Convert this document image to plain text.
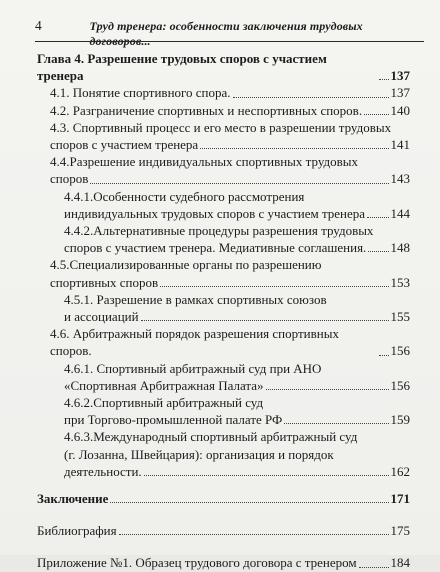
4	Труд тренера: особенности заключения трудовых договоров...
Глава 4. Разрешение трудовых споров с участием тренера	137
4.1. Понятие спортивного спора.	137
4.2. Разграничение спортивных и неспортивных споров. 140
4.3. Спортивный процесс и его место в разрешении трудовых
споров с участием тренера	141
4.4.Разрешение индивидуальных спортивных трудовых
споров	143
4.4.1.Особенности судебного рассмотрения
индивидуальных трудовых споров с участием тренера 144
4.4.2.Альтернативные процедуры разрешения трудовых
споров с участием тренера. Медиативные соглашения. 148
4.5.Специализированные органы по разрешению
спортивных споров	153
4.5.1. Разрешение в рамках спортивных союзов
и ассоциаций	155
4.6. Арбитражный порядок разрешения спортивных споров.	156
4.6.1. Спортивный арбитражный суд при АНО
«Спортивная Арбитражная Палата»	156
4.6.2.Спортивный арбитражный суд
при Торгово-промышленной палате РФ	159
4.6.3.Международный спортивный арбитражный суд
(г. Лозанна, Швейцария): организация и порядок
деятельности.	162
Заключение	171
Библиография	175
Приложение №1. Образец трудового договора с тренером	184
